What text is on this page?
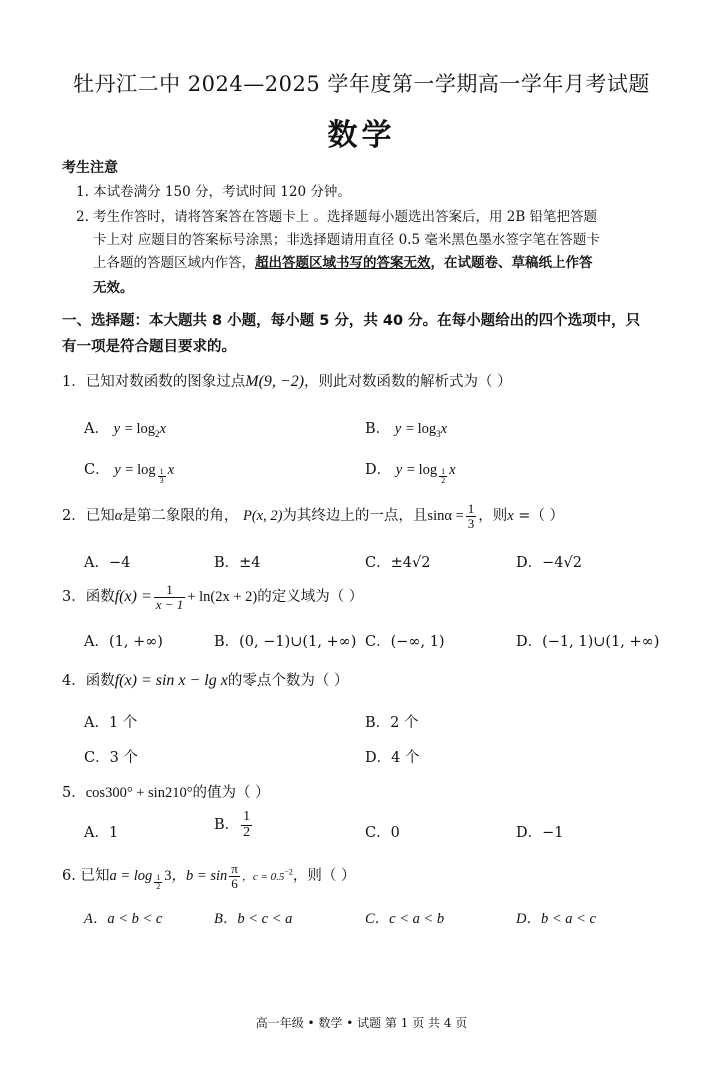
牡丹江二中 2024—2025 学年度第一学期高一学年月考试题
数学
考生注意
1. 本试卷满分 150 分，考试时间 120 分钟。
2. 考生作答时，请将答案答在答题卡上 。选择题每小题选出答案后，用 2B 铅笔把答题
卡上对 应题目的答案标号涂黑；非选择题请用直径 0.5 毫米黑色墨水签字笔在答题卡
上各题的答题区域内作答，超出答题区域书写的答案无效，在试题卷、草稿纸上作答
无效。
一、选择题：本大题共 8 小题，每小题 5 分，共 40 分。在每小题给出的四个选项中，只
有一项是符合题目要求的。
1．已知对数函数的图象过点M(9, −2)，则此对数函数的解析式为（ ）
A． $y = \log_2x$	B． $y = \log_3x$
C． $y = \log \frac{1}{3}$ x	D． $y = \log \frac{1}{2}$ x
2．已知α是第二象限的角， P(x, 2)为其终边上的一点，且$\sin\alpha = \frac{1}{3}$ ，则x =（ ）
A．−4	B．±4	C．±4√2	D．−4√2
3．函数$f(x) = \frac{1}{x - 1} + \ln(2x + 2)$的定义域为（ ）
A．(1, +∞)	B．(0, −1)∪(1, +∞) C．(−∞, 1)	D．(−1, 1)∪(1, +∞)
4．函数f(x) = sin x − lg x的零点个数为（ ）
A．1 个	B．2 个
C．3 个	D．4 个
5．cos300° + sin210°的值为（ ）
A．1	B． $\frac{1}{2}$	C．0	D．−1
6. 已知$a = \log \frac{1}{2} 3$，$b = \sin \frac{\pi}{6}$ ，$c = 0.5^{-2}$，则（ ）
A．a < b < c	B．b < c < a	C．c < a < b	D．b < a < c
高一年级 • 数学 • 试题 第 1 页 共 4 页
